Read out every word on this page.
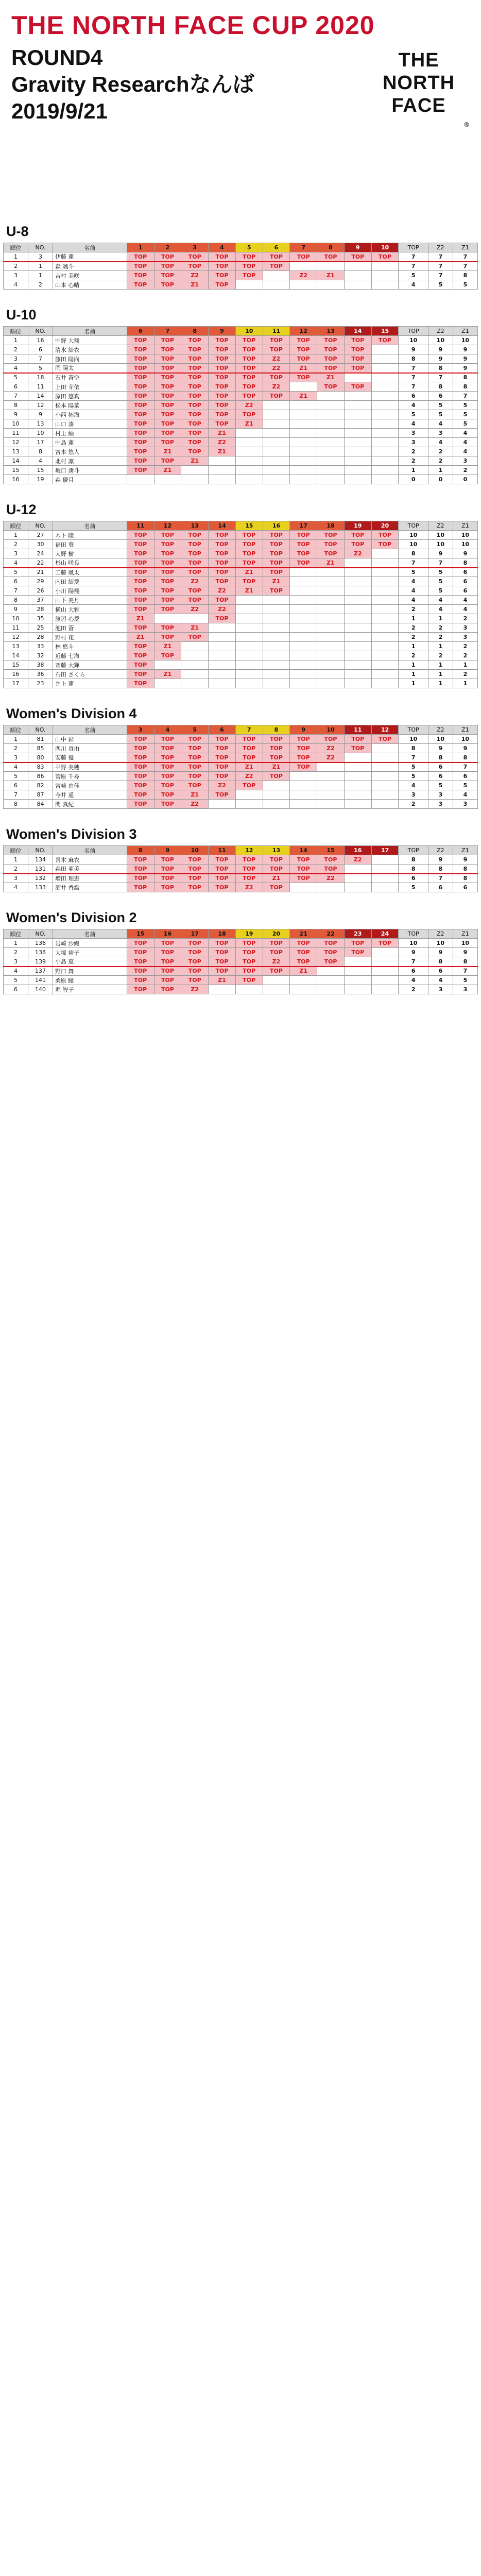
THE NORTH FACE CUP 2020
ROUND4
Gravity Researchなんば
2019/9/21
THE
NORTH
FACE
®
U-8
順位	NO.	名前	1	2	3	4	5	6	7	8	9	10	TOP	Z2	Z1
1	3	伊藤 蓮	TOP	TOP	TOP	TOP	TOP	TOP	TOP	TOP	TOP	TOP	7	7	7
2	1	森 颯斗	TOP	TOP	TOP	TOP	TOP	TOP					7	7	7
3	1	吉村 美咲	TOP	TOP	Z2	TOP	TOP		Z2	Z1			5	7	8
4	2	山本 心晴	TOP	TOP	Z1	TOP							4	5	5
U-10
順位	NO.	名前	6	7	8	9	10	11	12	13	14	15	TOP	Z2	Z1
1	16	中野 大翔	TOP	TOP	TOP	TOP	TOP	TOP	TOP	TOP	TOP	TOP	10	10	10
2	6	清水 結衣	TOP	TOP	TOP	TOP	TOP	TOP	TOP	TOP	TOP		9	9	9
3	7	藤田 陽向	TOP	TOP	TOP	TOP	TOP	Z2	TOP	TOP	TOP		8	9	9
4	5	岡 陽太	TOP	TOP	TOP	TOP	TOP	Z2	Z1	TOP	TOP		7	8	9
5	18	石井 蒼空	TOP	TOP	TOP	TOP	TOP	TOP	TOP	Z1			7	7	8
6	11	上田 芽依	TOP	TOP	TOP	TOP	TOP	Z2		TOP	TOP		7	8	8
7	14	原田 悠真	TOP	TOP	TOP	TOP	TOP	TOP	Z1				6	6	7
8	12	松本 陽菜	TOP	TOP	TOP	TOP	Z2						4	5	5
9	9	小西 拓海	TOP	TOP	TOP	TOP	TOP						5	5	5
10	13	山口 湊	TOP	TOP	TOP	TOP	Z1						4	4	5
11	10	村上 紬	TOP	TOP	TOP	Z1							3	3	4
12	17	中島 蓮	TOP	TOP	TOP	Z2							3	4	4
13	8	宮本 悠人	TOP	Z1	TOP	Z1							2	2	4
14	4	北村 凛	TOP	TOP	Z1								2	2	3
15	15	坂口 湊斗	TOP	Z1									1	1	2
16	19	森 優月											0	0	0
U-12
順位	NO.	名前	11	12	13	14	15	16	17	18	19	20	TOP	Z2	Z1
1	27	木下 陸	TOP	TOP	TOP	TOP	TOP	TOP	TOP	TOP	TOP	TOP	10	10	10
2	30	福田 葵	TOP	TOP	TOP	TOP	TOP	TOP	TOP	TOP	TOP	TOP	10	10	10
3	24	大野 樹	TOP	TOP	TOP	TOP	TOP	TOP	TOP	TOP	Z2		8	9	9
4	22	杉山 咲良	TOP	TOP	TOP	TOP	TOP	TOP	TOP	Z1			7	7	8
5	21	工藤 颯太	TOP	TOP	TOP	TOP	Z1	TOP					5	5	6
6	29	内田 結愛	TOP	TOP	Z2	TOP	TOP	Z1					4	5	6
7	26	小川 陽翔	TOP	TOP	TOP	Z2	Z1	TOP					4	5	6
8	37	山下 美月	TOP	TOP	TOP	TOP							4	4	4
9	28	横山 大雅	TOP	TOP	Z2	Z2							2	4	4
10	35	渡辺 心愛	Z1			TOP							1	1	2
11	25	池田 蒼	TOP	TOP	Z1								2	2	3
12	28	野村 花	Z1	TOP	TOP								2	2	3
13	33	林 悠斗	TOP	Z1									1	1	2
14	32	近藤 七海	TOP	TOP									2	2	2
15	38	斉藤 大輝	TOP										1	1	1
16	36	石田 さくら	TOP	Z1									1	1	2
17	23	井上 蓮	TOP										1	1	1
Women's Division 4
順位	NO.	名前	3	4	5	6	7	8	9	10	11	12	TOP	Z2	Z1
1	81	山中 彩	TOP	TOP	TOP	TOP	TOP	TOP	TOP	TOP	TOP	TOP	10	10	10
2	85	西川 真由	TOP	TOP	TOP	TOP	TOP	TOP	TOP	Z2	TOP		8	9	9
3	80	安藤 優	TOP	TOP	TOP	TOP	TOP	TOP	TOP	Z2			7	8	8
4	83	平野 美穂	TOP	TOP	TOP	TOP	Z1	Z1	TOP				5	6	7
5	86	菅原 千尋	TOP	TOP	TOP	TOP	Z2	TOP					5	6	6
6	82	宮崎 由佳	TOP	TOP	TOP	Z2	TOP						4	5	5
7	87	今井 遥	TOP	TOP	Z1	TOP							3	3	4
8	84	関 真紀	TOP	TOP	Z2								2	3	3
Women's Division 3
順位	NO.	名前	8	9	10	11	12	13	14	15	16	17	TOP	Z2	Z1
1	134	青木 麻衣	TOP	TOP	TOP	TOP	TOP	TOP	TOP	TOP	Z2		8	9	9
2	131	森田 亜美	TOP	TOP	TOP	TOP	TOP	TOP	TOP	TOP			8	8	8
3	132	増田 理恵	TOP	TOP	TOP	TOP	TOP	Z1	TOP	Z2			6	7	8
4	133	酒井 香織	TOP	TOP	TOP	TOP	Z2	TOP					5	6	6
Women's Division 2
順位	NO.	名前	15	16	17	18	19	20	21	22	23	24	TOP	Z2	Z1
1	136	岩崎 沙織	TOP	TOP	TOP	TOP	TOP	TOP	TOP	TOP	TOP	TOP	10	10	10
2	138	大塚 裕子	TOP	TOP	TOP	TOP	TOP	TOP	TOP	TOP	TOP		9	9	9
3	139	小島 恵	TOP	TOP	TOP	TOP	TOP	Z2	TOP	TOP			7	8	8
4	137	野口 舞	TOP	TOP	TOP	TOP	TOP	TOP	Z1				6	6	7
5	141	桑原 瞳	TOP	TOP	TOP	Z1	TOP						4	4	5
6	140	堀 智子	TOP	TOP	Z2								2	3	3
